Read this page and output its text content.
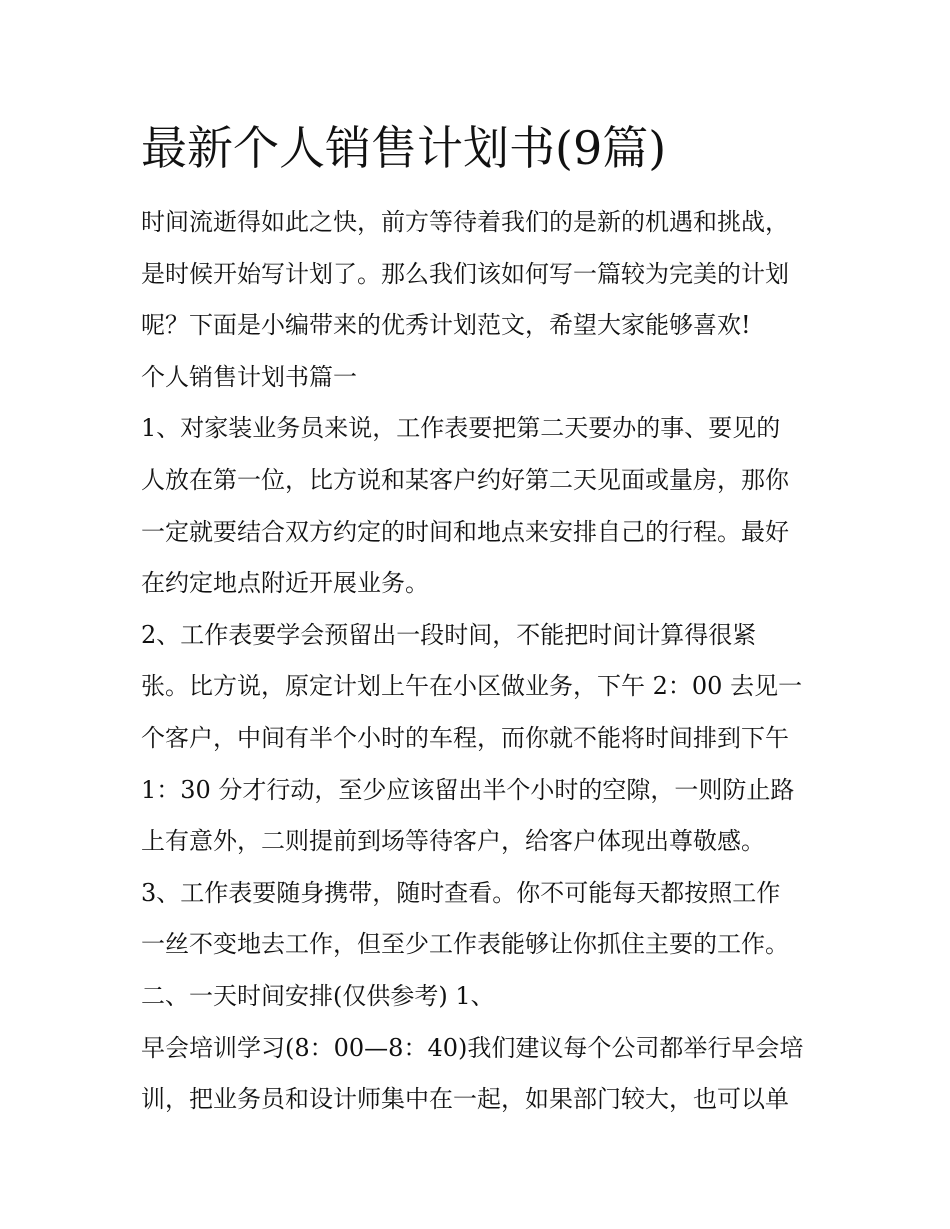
最新个人销售计划书(9篇)
时间流逝得如此之快，前方等待着我们的是新的机遇和挑战，
是时候开始写计划了。那么我们该如何写一篇较为完美的计划
呢？下面是小编带来的优秀计划范文，希望大家能够喜欢!
个人销售计划书篇一
1、对家装业务员来说，工作表要把第二天要办的事、要见的
人放在第一位，比方说和某客户约好第二天见面或量房，那你
一定就要结合双方约定的时间和地点来安排自己的行程。最好
在约定地点附近开展业务。
2、工作表要学会预留出一段时间，不能把时间计算得很紧
张。比方说，原定计划上午在小区做业务，下午 2：00 去见一
个客户，中间有半个小时的车程，而你就不能将时间排到下午
1：30 分才行动，至少应该留出半个小时的空隙，一则防止路
上有意外，二则提前到场等待客户，给客户体现出尊敬感。
3、工作表要随身携带，随时查看。你不可能每天都按照工作
一丝不变地去工作，但至少工作表能够让你抓住主要的工作。
二、一天时间安排(仅供参考) 1、
早会培训学习(8：00—8：40)我们建议每个公司都举行早会培
训，把业务员和设计师集中在一起，如果部门较大，也可以单
